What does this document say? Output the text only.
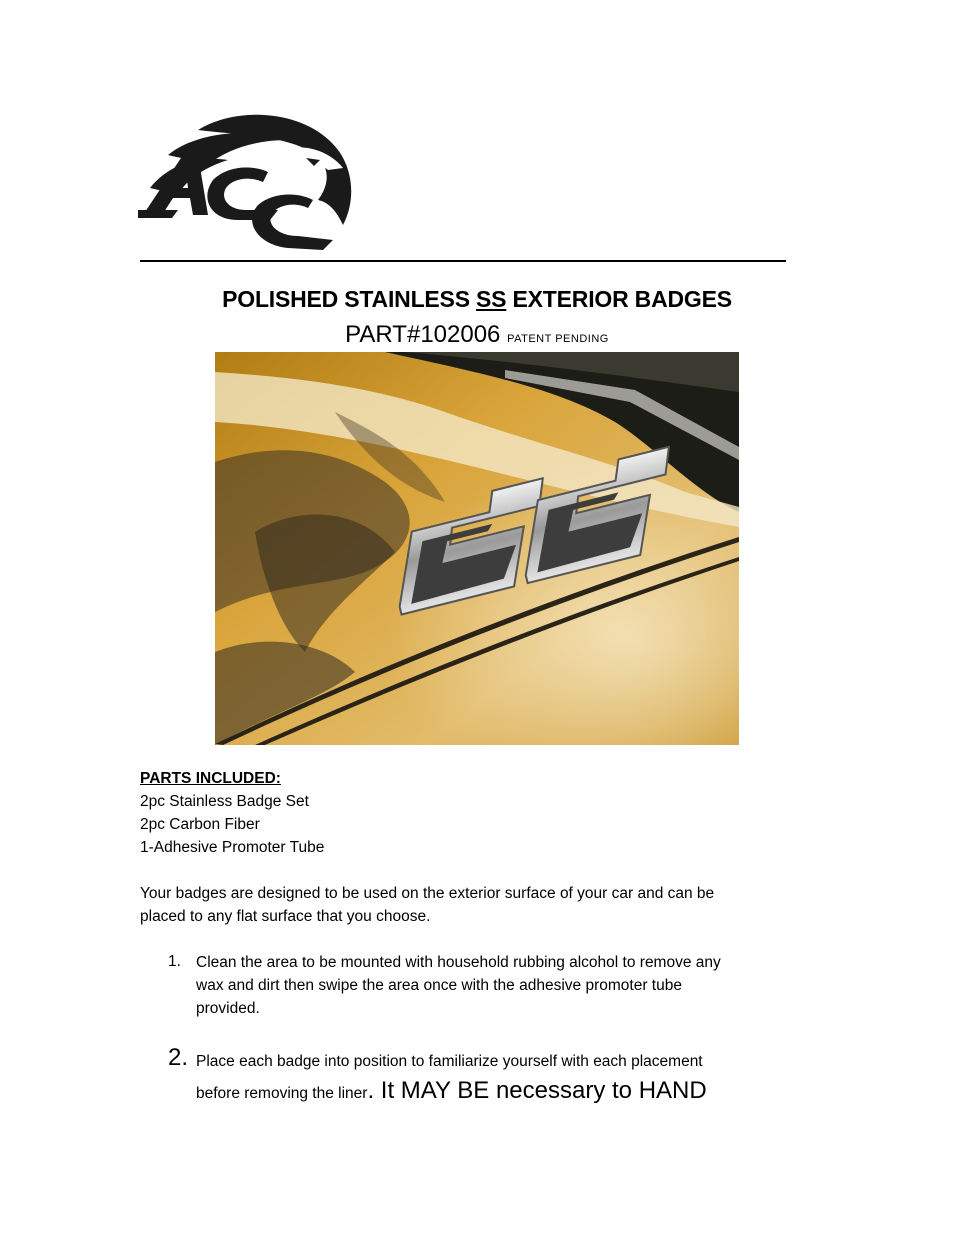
POLISHED STAINLESS SS EXTERIOR BADGES
PART#102006 PATENT PENDING
PARTS INCLUDED:
2pc Stainless Badge Set
2pc Carbon Fiber
1-Adhesive Promoter Tube
Your badges are designed to be used on the exterior surface of your car and can be
placed to any flat surface that you choose.
1. Clean the area to be mounted with household rubbing alcohol to remove any
wax and dirt then swipe the area once with the adhesive promoter tube
provided.
2. Place each badge into position to familiarize yourself with each placement
before removing the liner. It MAY BE necessary to HAND
